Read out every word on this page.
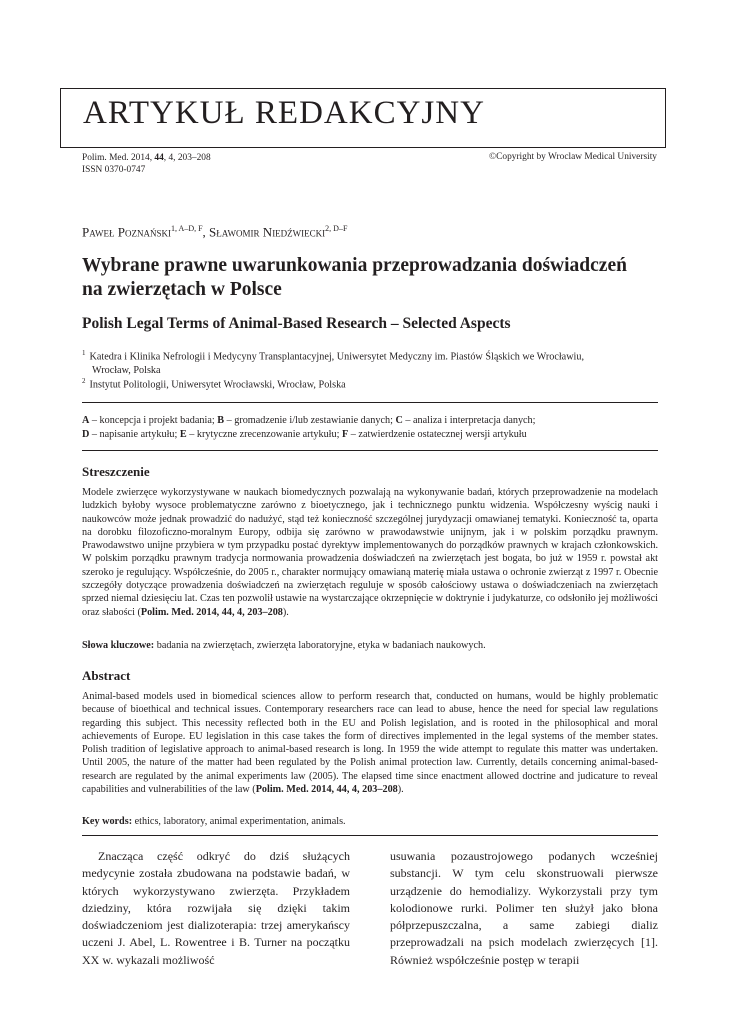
ARTYKUŁ REDAKCYJNY
Polim. Med. 2014, 44, 4, 203–208
ISSN 0370-0747
©Copyright by Wroclaw Medical University
Paweł Poznański$^{1, A-D, F}$, Sławomir Niedźwiecki$^{2, D-F}$
Wybrane prawne uwarunkowania przeprowadzania doświadczeń na zwierzętach w Polsce
Polish Legal Terms of Animal-Based Research – Selected Aspects
$^1$ Katedra i Klinika Nefrologii i Medycyny Transplantacyjnej, Uniwersytet Medyczny im. Piastów Śląskich we Wrocławiu,
Wrocław, Polska
$^2$ Instytut Politologii, Uniwersytet Wrocławski, Wrocław, Polska
A – koncepcja i projekt badania; B – gromadzenie i/lub zestawianie danych; C – analiza i interpretacja danych;
D – napisanie artykułu; E – krytyczne zrecenzowanie artykułu; F – zatwierdzenie ostatecznej wersji artykułu
Streszczenie
Modele zwierzęce wykorzystywane w naukach biomedycznych pozwalają na wykonywanie badań, których przeprowadzenie na modelach ludzkich byłoby wysoce problematyczne zarówno z bioetycznego, jak i technicznego punktu widzenia. Współczesny wyścig nauki i naukowców może jednak prowadzić do nadużyć, stąd też konieczność szczególnej jurydyzacji omawianej tematyki. Konieczność ta, oparta na dorobku filozoficzno-moralnym Europy, odbija się zarówno w prawodawstwie unijnym, jak i w polskim porządku prawnym. Prawodawstwo unijne przybiera w tym przypadku postać dyrektyw implementowanych do porządków prawnych w krajach członkowskich. W polskim porządku prawnym tradycja normowania prowadzenia doświadczeń na zwierzętach jest bogata, bo już w 1959 r. powstał akt szeroko je regulujący. Współcześnie, do 2005 r., charakter normujący omawianą materię miała ustawa o ochronie zwierząt z 1997 r. Obecnie szczegóły dotyczące prowadzenia doświadczeń na zwierzętach reguluje w sposób całościowy ustawa o doświadczeniach na zwierzętach sprzed niemal dziesięciu lat. Czas ten pozwolił ustawie na wystarczające okrzepnięcie w doktrynie i judykaturze, co odsłoniło jej możliwości oraz słabości (Polim. Med. 2014, 44, 4, 203–208).
Słowa kluczowe: badania na zwierzętach, zwierzęta laboratoryjne, etyka w badaniach naukowych.
Abstract
Animal-based models used in biomedical sciences allow to perform research that, conducted on humans, would be highly problematic because of bioethical and technical issues. Contemporary researchers race can lead to abuse, hence the need for special law regulations regarding this subject. This necessity reflected both in the EU and Polish legislation, and is rooted in the philosophical and moral achievements of Europe. EU legislation in this case takes the form of directives implemented in the legal systems of the member states. Polish tradition of legislative approach to animal-based research is long. In 1959 the wide attempt to regulate this matter was undertaken. Until 2005, the nature of the matter had been regulated by the Polish animal protection law. Currently, details concerning animal-based-research are regulated by the animal experiments law (2005). The elapsed time since enactment allowed doctrine and judicature to reveal capabilities and vulnerabilities of the law (Polim. Med. 2014, 44, 4, 203–208).
Key words: ethics, laboratory, animal experimentation, animals.
Znacząca część odkryć do dziś służących medycynie została zbudowana na podstawie badań, w których wykorzystywano zwierzęta. Przykładem dziedziny, która rozwijała się dzięki takim doświadczeniom jest dializoterapia: trzej amerykańscy uczeni J. Abel, L. Rowentree i B. Turner na początku XX w. wykazali możliwość
usuwania pozaustrojowego podanych wcześniej substancji. W tym celu skonstruowali pierwsze urządzenie do hemodializy. Wykorzystali przy tym kolodionowe rurki. Polimer ten służył jako błona półprzepuszczalna, a same zabiegi dializ przeprowadzali na psich modelach zwierzęcych [1]. Również współcześnie postęp w terapii
